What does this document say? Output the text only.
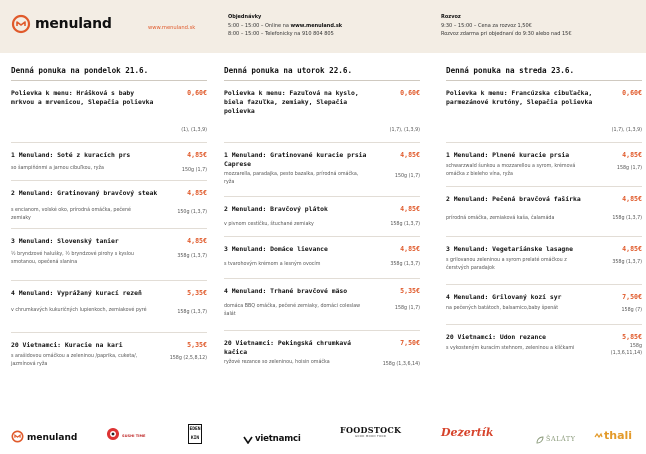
menuland	www.menuland.sk
Objednávky
5:00 – 15:00 – Online na www.menuland.sk
8:00 – 15:00 – Telefonicky na 910 804 805
Rozvoz
9:30 – 15:00 – Cena za rozvoz 1,50€
Rozvoz zdarma pri objednaní do 9:30 alebo nad 15€
Denná ponuka na pondelok 21.6.
Polievka k menu: Hrášková s baby mrkvou a mrvenicou, Slepačia polievka
0,60€
(1), (1,3,9)
1 Menuland: Soté z kuracích prs	4,85€
so šampiňónmi a jarnou cibuľkou, ryža	150g (1,7)
2 Menuland: Gratinovaný bravčový steak	4,85€
s encianom, volské oko, prírodná omáčka, pečené zemiaky
150g (1,3,7)
3 Menuland: Slovenský tanier	4,85€
½ bryndzové halušky, ½ bryndzové pirohy s kyslou smotanou, opečená slanina
358g (1,3,7)
4 Menuland: Vyprážaný kurací rezeň	5,35€
v chrumkavých kukuričných lupienkoch, zemiakové pyré	158g (1,3,7)
20 Vietnamci: Kuracie na kari	5,35€
s arašidovou omáčkou a zeleninou /paprika, cuketa/, jazmínová ryža
158g (2,5,8,12)
Denná ponuka na utorok 22.6.
Polievka k menu: Fazuľová na kyslo, biela fazuľka, zemiaky, Slepačia polievka
0,60€
(1,7), (1,3,9)
1 Menuland: Gratinované kuracie prsia Caprese
4,85€
mozzarella, paradajka, pesto bazalka, prírodná omáčka, ryža
150g (1,7)
2 Menuland: Bravčový plátok	4,85€
v pivnom cestíčku, štuchané zemiaky	158g (1,3,7)
3 Menuland: Domáce lievance	4,85€
s tvarohovým krémom a lesným ovocím	358g (1,3,7)
4 Menuland: Trhané bravčové mäso	5,35€
domáca BBQ omáčka, pečené zemiaky, domáci coleslaw šalát
158g (1,7)
20 Vietnamci: Pekingská chrumkavá kačica
7,50€
ryžové rezance so zeleninou, hoisin omáčka	158g (1,3,6,14)
Denná ponuka na streda 23.6.
Polievka k menu: Francúzska cibuľačka, parmezánové krutóny, Slepačia polievka
0,60€
(1,7), (1,3,9)
1 Menuland: Plnené kuracie prsia	4,85€
schwarzwald šunkou a mozzarellou a syrom, krémová omáčka z bieleho vína, ryža
158g (1,7)
2 Menuland: Pečená bravčová fašírka	4,85€
prírodná omáčka, zemiaková kaša, čalamáda	158g (1,3,7)
3 Menuland: Vegetariánske lasagne	4,85€
s grilovanou zeleninou a syrom prelaté omáčkou z čerstvých paradajok
358g (1,3,7)
4 Menuland: Grilovaný kozí syr	7,50€
na pečených batátoch, balsamico,baby špenát	158g (7)
20 Vietnamci: Udon rezance	5,85€
s vykosteným kuracím stehnom, zeleninou a klíčkami	158g
(1,3,6,11,14)
menuland	SUSHI TIME
EDEN KIN	vietnamci
FOODSTOCK
GOOD MOOD FOOD	Dezertík	ŠALÁTY	thali
